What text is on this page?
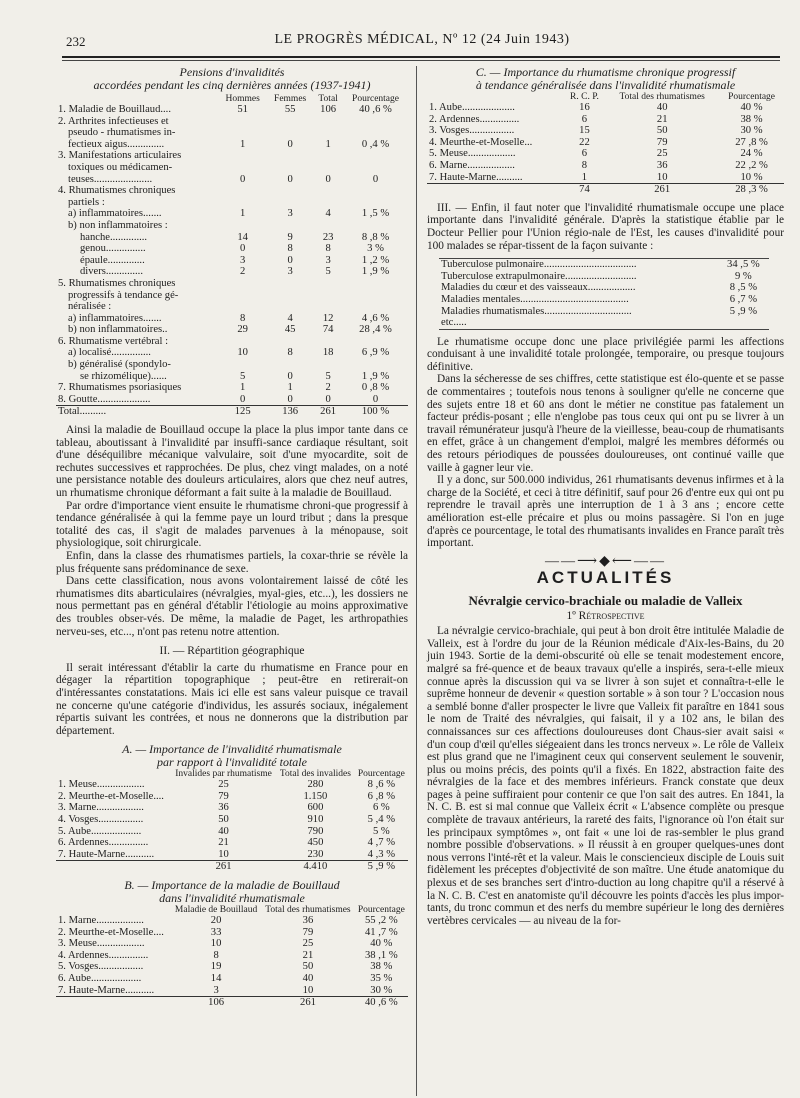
232	LE PROGRÈS MÉDICAL, Nº 12 (24 Juin 1943)
Pensions d'invalidités
accordées pendant les cinq dernières années (1937-1941)
	Hommes	Femmes	Total	Pourcentage
1. Maladie de Bouillaud....	51	55	106	40 ,6 %
2. Arthrites infectieuses et				
pseudo - rhumatismes in-				
fectieux aigus..............	1	0	1	0 ,4 %
3. Manifestations articulaires				
toxiques ou médicamen-				
teuses......................	0	0	0	0
4. Rhumatismes chroniques				
partiels :				
a) inflammatoires.......	1	3	4	1 ,5 %
b) non inflammatoires :				
hanche..............	14	9	23	8 ,8 %
genou...............	0	8	8	3 %
épaule..............	3	0	3	1 ,2 %
divers..............	2	3	5	1 ,9 %
5. Rhumatismes chroniques				
progressifs à tendance gé-				
néralisée :				
a) inflammatoires.......	8	4	12	4 ,6 %
b) non inflammatoires..	29	45	74	28 ,4 %
6. Rhumatisme vertébral :				
a) localisé...............	10	8	18	6 ,9 %
b) généralisé (spondylo-				
se rhizomélique)......	5	0	5	1 ,9 %
7. Rhumatismes psoriasiques	1	1	2	0 ,8 %
8. Goutte....................	0	0	0	0
Total..........	125	136	261	100 %

Ainsi la maladie de Bouillaud occupe la place la plus impor tante dans ce tableau, aboutissant à l'invalidité par insuffi-sance cardiaque résultant, soit d'une déséquilibre mécanique valvulaire, soit d'une myocardite, soit de rechutes successives et rapprochées. De plus, chez vingt malades, on a noté une persistance notable des douleurs articulaires, alors que chez neuf autres, un rhumatisme chronique déformant a fait suite à la maladie de Bouillaud.

Par ordre d'importance vient ensuite le rhumatisme chroni-que progressif à tendance généralisée à qui la femme paye un lourd tribut ; dans la presque totalité des cas, il s'agit de malades parvenues à la ménopause, soit physiologique, soit chirurgicale.

Enfin, dans la classe des rhumatismes partiels, la coxar-thrie se révèle la plus fréquente sans prédominance de sexe.

Dans cette classification, nous avons volontairement laissé de côté les rhumatismes dits abarticulaires (névralgies, myal-gies, etc...), les dossiers ne nous permettant pas en général d'établir l'étiologie au moins approximative des troubles obser-vés. De même, la maladie de Paget, les arthropathies nerveu-ses, etc..., n'ont pas retenu notre attention.

II. — Répartition géographique

Il serait intéressant d'établir la carte du rhumatisme en France pour en dégager la répartition topographique ; peut-être en retirerait-on d'intéressantes constatations. Mais ici elle est sans valeur puisque ce travail ne concerne qu'une catégorie d'individus, les assurés sociaux, inégalement répartis suivant les contrées, et nous ne donnerons que la distribution par département.

A. — Importance de l'invalidité rhumatismale
par rapport à l'invalidité totale
	Invalides par rhumatisme	Total des invalides	Pourcentage
1. Meuse..................	25	280	8 ,6 %
2. Meurthe-et-Moselle....	79	1.150	6 ,8 %
3. Marne..................	36	600	6 %
4. Vosges.................	50	910	5 ,4 %
5. Aube...................	40	790	5 %
6. Ardennes...............	21	450	4 ,7 %
7. Haute-Marne...........	10	230	4 ,3 %
	261	4.410	5 ,9 %
B. — Importance de la maladie de Bouillaud
dans l'invalidité rhumatismale
	Maladie de Bouillaud	Total des rhumatismes	Pourcentage
1. Marne..................	20	36	55 ,2 %
2. Meurthe-et-Moselle....	33	79	41 ,7 %
3. Meuse..................	10	25	40 %
4. Ardennes...............	8	21	38 ,1 %
5. Vosges.................	19	50	38 %
6. Aube...................	14	40	35 %
7. Haute-Marne...........	3	10	30 %
	106	261	40 ,6 %
C. — Importance du rhumatisme chronique progressif
à tendance généralisée dans l'invalidité rhumatismale
	R. C. P.	Total des rhumatismes	Pourcentage
1. Aube....................	16	40	40 %
2. Ardennes...............	6	21	38 %
3. Vosges.................	15	50	30 %
4. Meurthe-et-Moselle...	22	79	27 ,8 %
5. Meuse..................	6	25	24 %
6. Marne..................	8	36	22 ,2 %
7. Haute-Marne..........	1	10	10 %
	74	261	28 ,3 %

III. — Enfin, il faut noter que l'invalidité rhumatismale occupe une place importante dans l'invalidité générale. D'après la statistique établie par le Docteur Pellier pour l'Union régio-nale de l'Est, les causes d'invalidité pour 100 malades se répar-tissent de la façon suivante :

Tuberculose pulmonaire...................................	34 ,5 %
Tuberculose extrapulmonaire...........................	9 %
Maladies du cœur et des vaisseaux..................	8 ,5 %
Maladies mentales.........................................	6 ,7 %
Maladies rhumatismales.................................	5 ,9 %
etc.....	

Le rhumatisme occupe donc une place privilégiée parmi les affections conduisant à une invalidité totale prolongée, temporaire, ou presque toujours définitive.

Dans la sécheresse de ses chiffres, cette statistique est élo-quente et se passe de commentaires ; toutefois nous tenons à souligner qu'elle ne concerne que des sujets entre 18 et 60 ans dont le métier ne constitue pas fatalement un facteur prédis-posant ; elle n'englobe pas tous ceux qui ont pu se livrer à un travail rémunérateur jusqu'à l'heure de la vieillesse, beau-coup de rhumatisants en effet, grâce à un changement d'emploi, malgré les membres déformés ou des retours périodiques de poussées douloureuses, ont continué vaille que vaille à gagner leur vie.

Il y a donc, sur 500.000 individus, 261 rhumatisants devenus infirmes et à la charge de la Société, et ceci à titre définitif, sauf pour 26 d'entre eux qui ont pu reprendre le travail après une interruption de 1 à 3 ans ; encore cette amélioration est-elle précaire et plus ou moins passagère. Si l'on en juge d'après ce pourcentage, le total des rhumatisants invalides en France paraît très important.

——⟶◆⟵——
ACTUALITÉS
Névralgie cervico-brachiale ou maladie de Valleix
1º Rétrospective

La névralgie cervico-brachiale, qui peut à bon droit être intitulée Maladie de Valleix, est à l'ordre du jour de la Réunion médicale d'Aix-les-Bains, du 20 juin 1943. Sortie de la demi-obscurité où elle se tenait modestement encore, malgré sa fré-quence et de beaux travaux qu'elle a inspirés, sera-t-elle mieux connue après la discussion qui va se livrer à son sujet et connaîtra-t-elle le suprême honneur de devenir « question sortable » à son tour ? L'occasion nous a semblé bonne d'aller prospecter le livre que Valleix fit paraître en 1841 sous le nom de Traité des névralgies, qui faisait, il y a 102 ans, le bilan des connaissances sur ces affections douloureuses dont Chaus-sier avait saisi « d'un coup d'œil qu'elles siégeaient dans les troncs nerveux ». Le rôle de Valleix est plus grand que ne l'imaginent ceux qui conservent seulement le souvenir, plus ou moins précis, des points qu'il a fixés. En 1822, abstraction faite des névralgies de la face et des membres inférieurs. Franck constate que deux pages à peine suffiraient pour contenir ce que l'on sait des autres. En 1841, la N. C. B. est si mal connue que Valleix écrit « L'absence complète ou presque complète de travaux antérieurs, la rareté des faits, l'ignorance où l'on était sur les principaux symptômes », ont fait « une loi de ras-sembler le plus grand nombre possible d'observations. » Il réussit à en grouper quelques-unes dont nous verrons l'inté-rêt et la valeur. Mais le consciencieux disciple de Louis suit fidèlement les préceptes d'objectivité de son maître. Une étude anatomique du plexus et de ses branches sert d'intro-duction au long chapitre qu'il a réservé à la N. C. B. C'est en anatomiste qu'il découvre les points d'accès les plus impor-tants, du tronc commun et des nerfs du membre supérieur le long des dernières vertèbres cervicales — au niveau de la for-
